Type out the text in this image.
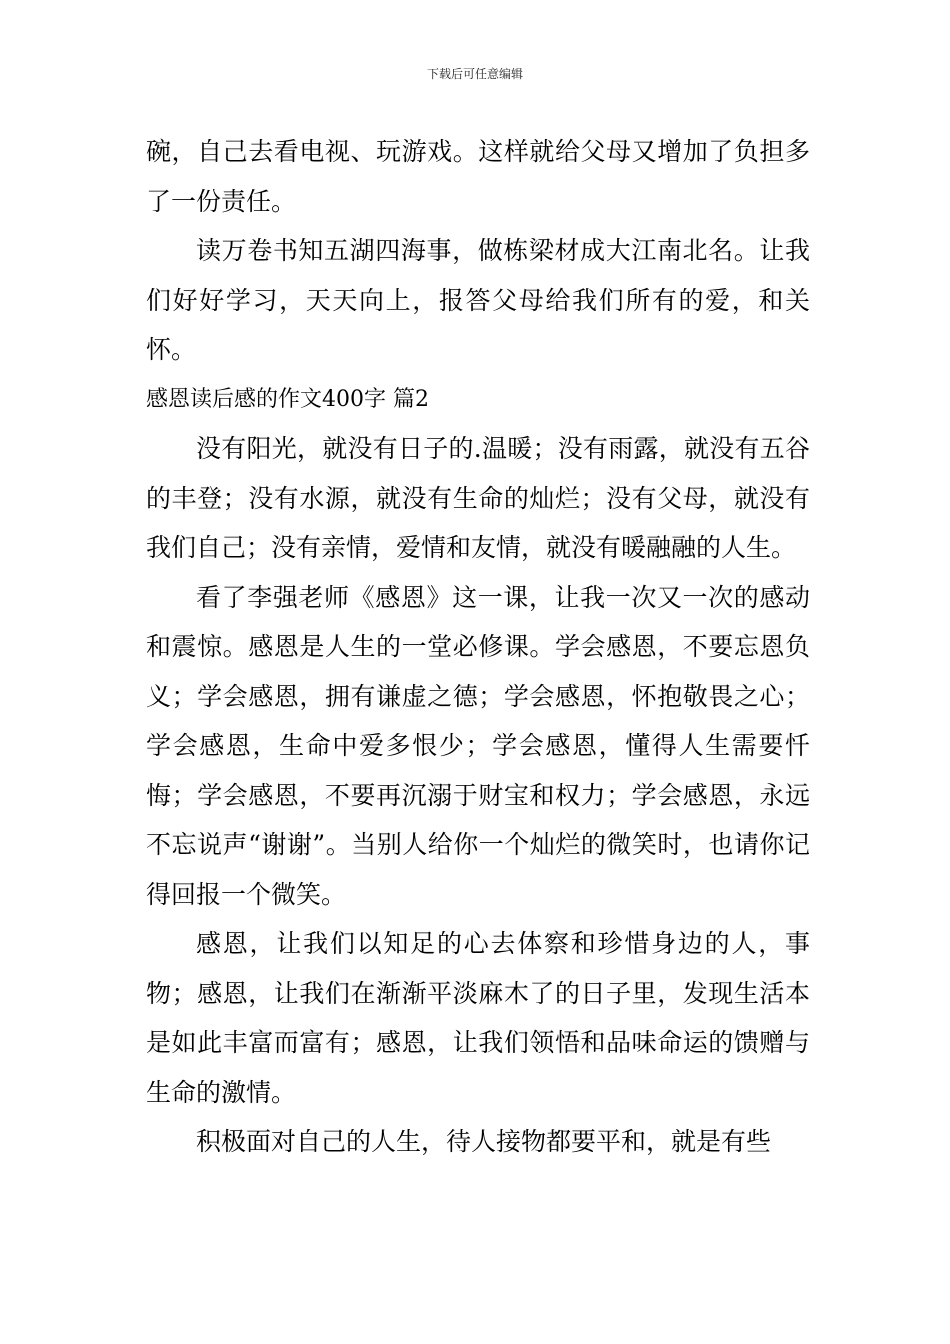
下载后可任意编辑

碗，自己去看电视、玩游戏。这样就给父母又增加了负担多了一份责任。

读万卷书知五湖四海事，做栋梁材成大江南北名。让我们好好学习，天天向上，报答父母给我们所有的爱，和关怀。

感恩读后感的作文400字 篇2

没有阳光，就没有日子的.温暖；没有雨露，就没有五谷的丰登；没有水源，就没有生命的灿烂；没有父母，就没有我们自己；没有亲情，爱情和友情，就没有暖融融的人生。

看了李强老师《感恩》这一课，让我一次又一次的感动和震惊。感恩是人生的一堂必修课。学会感恩，不要忘恩负义；学会感恩，拥有谦虚之德；学会感恩，怀抱敬畏之心；学会感恩，生命中爱多恨少；学会感恩，懂得人生需要忏悔；学会感恩，不要再沉溺于财宝和权力；学会感恩，永远不忘说声“谢谢”。当别人给你一个灿烂的微笑时，也请你记得回报一个微笑。

感恩，让我们以知足的心去体察和珍惜身边的人，事物；感恩，让我们在渐渐平淡麻木了的日子里，发现生活本是如此丰富而富有；感恩，让我们领悟和品味命运的馈赠与生命的激情。

积极面对自己的人生，待人接物都要平和，就是有些
